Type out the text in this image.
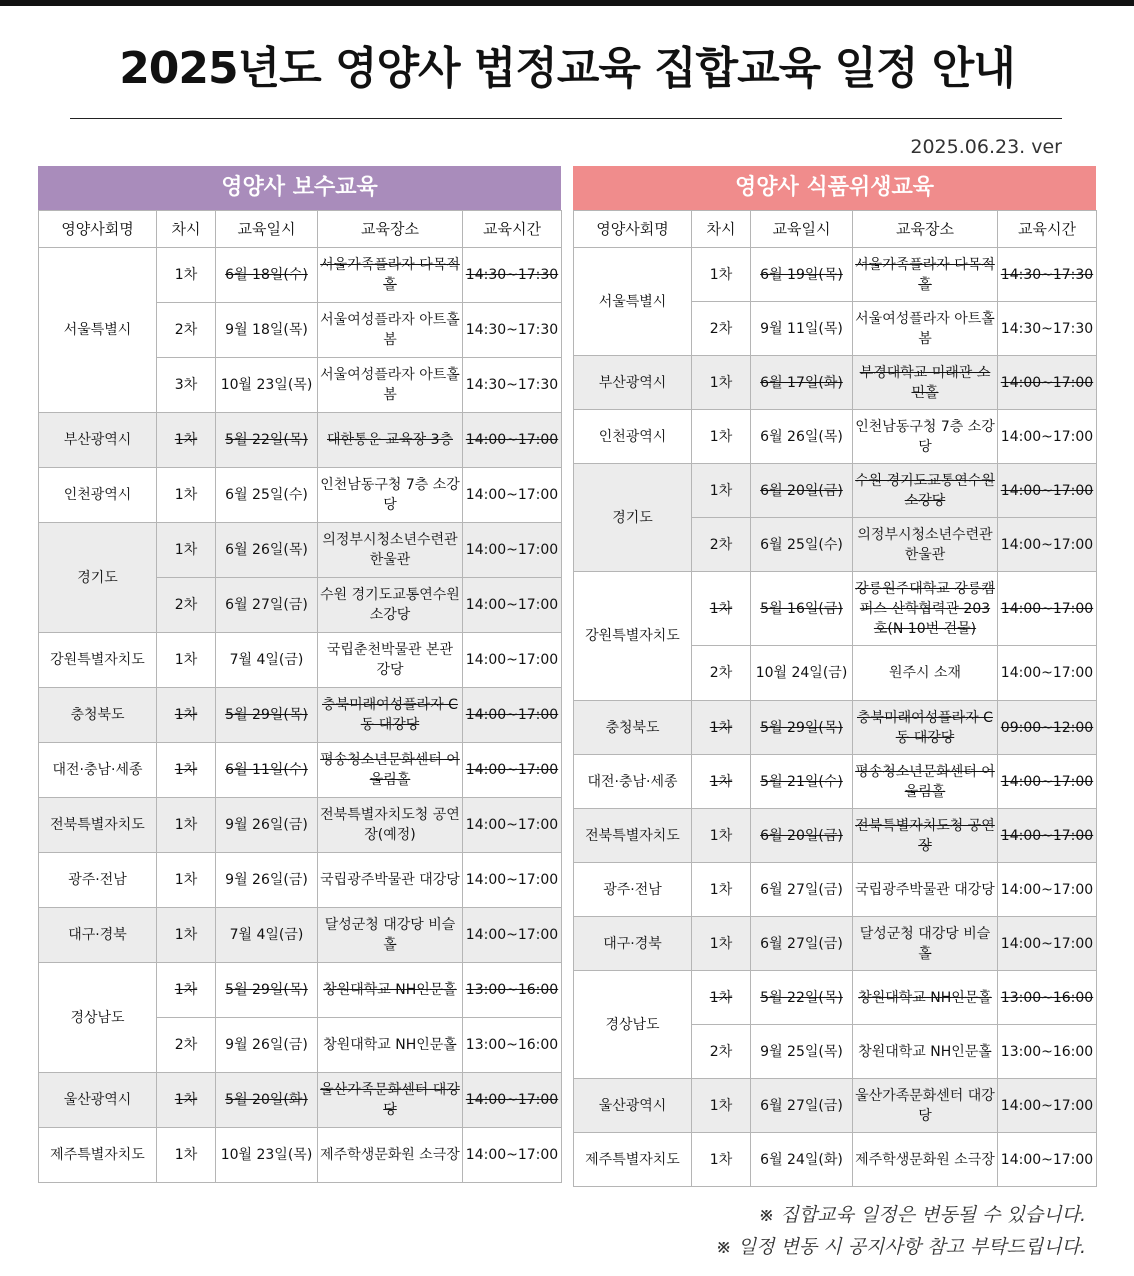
2025년도 영양사 법정교육 집합교육 일정 안내
2025.06.23. ver
영양사 보수교육
영양사회명	차시	교육일시	교육장소	교육시간
서울특별시	1차	6월 18일(수)	서울가족플라자 다목적홀	14:30~17:30
	2차	9월 18일(목)	서울여성플라자 아트홀봄	14:30~17:30
	3차	10월 23일(목)	서울여성플라자 아트홀봄	14:30~17:30
부산광역시	1차	5월 22일(목)	대한통운 교육장 3층	14:00~17:00
인천광역시	1차	6월 25일(수)	인천남동구청 7층 소강당	14:00~17:00
경기도	1차	6월 26일(목)	의정부시청소년수련관 한울관	14:00~17:00
	2차	6월 27일(금)	수원 경기도교통연수원 소강당	14:00~17:00
강원특별자치도	1차	7월 4일(금)	국립춘천박물관 본관 강당	14:00~17:00
충청북도	1차	5월 29일(목)	충북미래여성플라자 C동 대강당	14:00~17:00
대전·충남·세종	1차	6월 11일(수)	평송청소년문화센터 어울림홀	14:00~17:00
전북특별자치도	1차	9월 26일(금)	전북특별자치도청 공연장(예정)	14:00~17:00
광주·전남	1차	9월 26일(금)	국립광주박물관 대강당	14:00~17:00
대구·경북	1차	7월 4일(금)	달성군청 대강당 비슬홀	14:00~17:00
경상남도	1차	5월 29일(목)	창원대학교 NH인문홀	13:00~16:00
	2차	9월 26일(금)	창원대학교 NH인문홀	13:00~16:00
울산광역시	1차	5월 20일(화)	울산가족문화센터 대강당	14:00~17:00
제주특별자치도	1차	10월 23일(목)	제주학생문화원 소극장	14:00~17:00
영양사 식품위생교육
영양사회명	차시	교육일시	교육장소	교육시간
서울특별시	1차	6월 19일(목)	서울가족플라자 다목적홀	14:30~17:30
	2차	9월 11일(목)	서울여성플라자 아트홀봄	14:30~17:30
부산광역시	1차	6월 17일(화)	부경대학교 미래관 소민홀	14:00~17:00
인천광역시	1차	6월 26일(목)	인천남동구청 7층 소강당	14:00~17:00
경기도	1차	6월 20일(금)	수원 경기도교통연수원 소강당	14:00~17:00
	2차	6월 25일(수)	의정부시청소년수련관 한울관	14:00~17:00
강원특별자치도	1차	5월 16일(금)	강릉원주대학교 강릉캠퍼스 산학협력관 203호(N 10번 건물)	14:00~17:00
	2차	10월 24일(금)	원주시 소재	14:00~17:00
충청북도	1차	5월 29일(목)	충북미래여성플라자 C동 대강당	09:00~12:00
대전·충남·세종	1차	5월 21일(수)	평송청소년문화센터 어울림홀	14:00~17:00
전북특별자치도	1차	6월 20일(금)	전북특별자치도청 공연장	14:00~17:00
광주·전남	1차	6월 27일(금)	국립광주박물관 대강당	14:00~17:00
대구·경북	1차	6월 27일(금)	달성군청 대강당 비슬홀	14:00~17:00
경상남도	1차	5월 22일(목)	창원대학교 NH인문홀	13:00~16:00
	2차	9월 25일(목)	창원대학교 NH인문홀	13:00~16:00
울산광역시	1차	6월 27일(금)	울산가족문화센터 대강당	14:00~17:00
제주특별자치도	1차	6월 24일(화)	제주학생문화원 소극장	14:00~17:00
※ 집합교육 일정은 변동될 수 있습니다.
※ 일정 변동 시 공지사항 참고 부탁드립니다.
